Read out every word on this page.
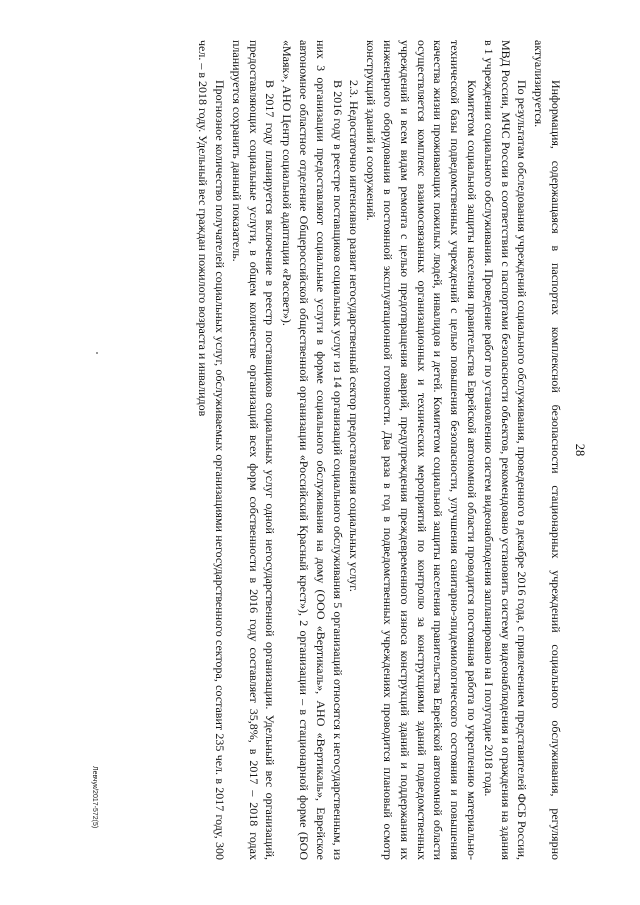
28

Информация, содержащаяся в паспортах комплексной безопасности стационарных учреждений социального обслуживания, регулярно актуализируется.

По результатам обследования учреждений социального обслуживания, проведенного в декабре 2016 года, с привлечением представителей ФСБ России, МВД России, МЧС России в соответствии с паспортами безопасности объектов, рекомендовано установить систему видеонаблюдения и ограждения на здания в 1 учреждении социального обслуживания. Проведение работ по установлению систем видеонаблюдения запланировано на I полугодие 2018 года.

Комитетом социальной защиты населения правительства Еврейской автономной области проводится постоянная работа по укреплению материально-технической базы подведомственных учреждений с целью повышения безопасности, улучшения санитарно-эпидемиологического состояния и повышения качества жизни проживающих пожилых людей, инвалидов и детей. Комитетом социальной защиты населения правительства Еврейской автономной области осуществляется комплекс взаимосвязанных организационных и технических мероприятий по контролю за конструкциями зданий подведомственных учреждений и всем видам ремонта с целью предотвращения аварий, предупреждения преждевременного износа конструкций зданий и поддержания их инженерного оборудования в постоянной эксплуатационной готовности. Два раза в год в подведомственных учреждениях проводится плановый осмотр конструкций зданий и сооружений.

2.3. Недостаточно интенсивно развит негосударственный сектор предоставления социальных услуг.

В 2016 году в реестре поставщиков социальных услуг из 14 организаций социального обслуживания 5 организаций относятся к негосударственным, из них 3 организации предоставляют социальные услуги в форме социального обслуживания на дому (ООО «Вертикаль», АНО «Вертикаль», Еврейское автономное областное отделение Общероссийской общественной организации «Российский Красный крест»), 2 организации – в стационарной форме (БОО «Маяк», АНО Центр социальной адаптации «Рассвет»).

В 2017 году планируется включение в реестр поставщиков социальных услуг одной негосударственной организации. Удельный вес организаций, предоставляющих социальные услуги, в общем количестве организаций всех форм собственности в 2016 году составляет 35,8%, в 2017 – 2018 годах планируется сохранить данный показатель.

Прогнозное количество получателей социальных услуг, обслуживаемых организациями негосударственного сектора, составит 235 чел. в 2017 году, 300 чел. – в 2018 году. Удельный вес граждан пожилого возраста и инвалидов

Левчук/2017-572(5)
